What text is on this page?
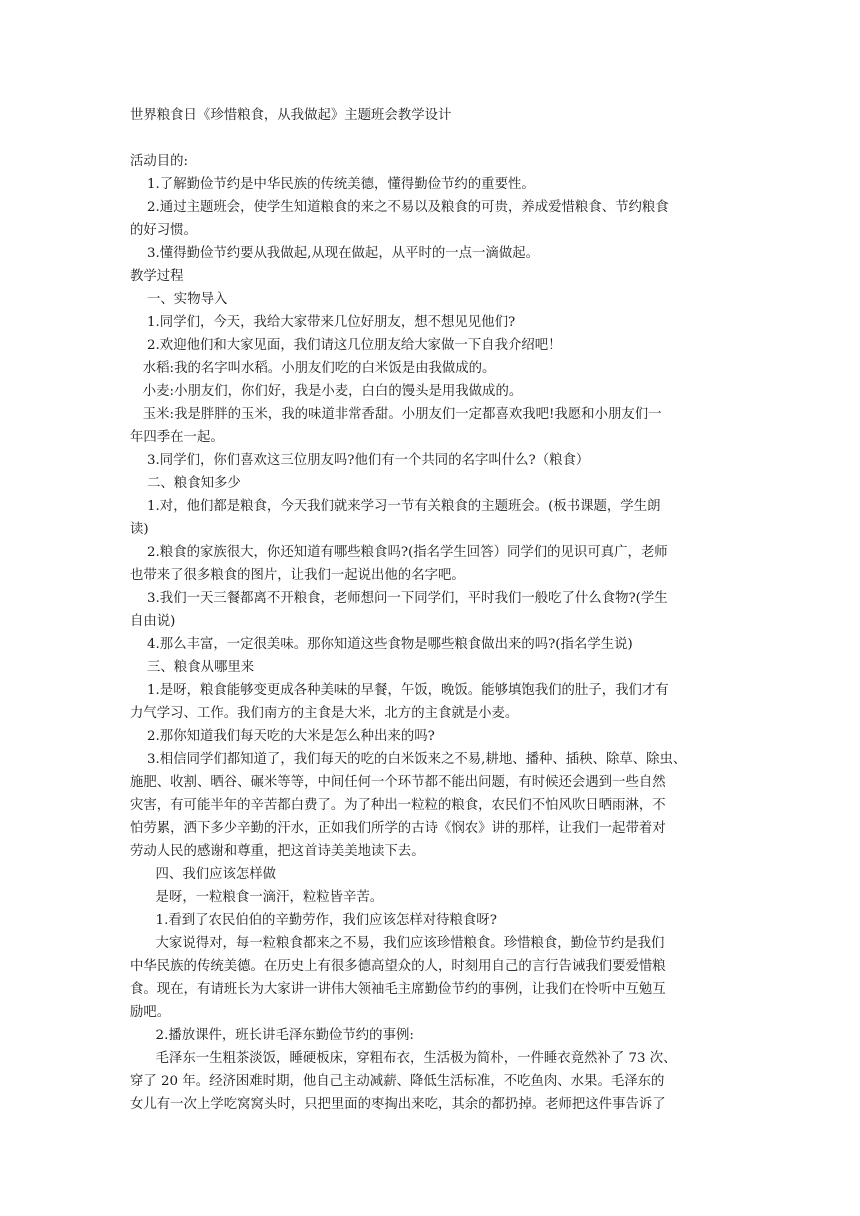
世界粮食日《珍惜粮食，从我做起》主题班会教学设计

活动目的:

1.了解勤俭节约是中华民族的传统美德，懂得勤俭节约的重要性。

2.通过主题班会，使学生知道粮食的来之不易以及粮食的可贵，养成爱惜粮食、节约粮食

的好习惯。

3.懂得勤俭节约要从我做起,从现在做起，从平时的一点一滴做起。

教学过程

一、实物导入

1.同学们，今天，我给大家带来几位好朋友，想不想见见他们?

2.欢迎他们和大家见面，我们请这几位朋友给大家做一下自我介绍吧！

水稻:我的名字叫水稻。小朋友们吃的白米饭是由我做成的。

小麦:小朋友们，你们好，我是小麦，白白的馒头是用我做成的。

玉米:我是胖胖的玉米，我的味道非常香甜。小朋友们一定都喜欢我吧!我愿和小朋友们一

年四季在一起。

3.同学们，你们喜欢这三位朋友吗?他们有一个共同的名字叫什么?（粮食）

二、粮食知多少

1.对，他们都是粮食，今天我们就来学习一节有关粮食的主题班会。(板书课题，学生朗

读)

2.粮食的家族很大，你还知道有哪些粮食吗?(指名学生回答）同学们的见识可真广，老师

也带来了很多粮食的图片，让我们一起说出他的名字吧。

3.我们一天三餐都离不开粮食，老师想问一下同学们，平时我们一般吃了什么食物?(学生

自由说)

4.那么丰富，一定很美味。那你知道这些食物是哪些粮食做出来的吗?(指名学生说)

三、粮食从哪里来

1.是呀，粮食能够变更成各种美味的早餐，午饭，晚饭。能够填饱我们的肚子，我们才有

力气学习、工作。我们南方的主食是大米，北方的主食就是小麦。

2.那你知道我们每天吃的大米是怎么种出来的吗?

3.相信同学们都知道了，我们每天的吃的白米饭来之不易,耕地、播种、插秧、除草、除虫、

施肥、收割、晒谷、碾米等等，中间任何一个环节都不能出问题，有时候还会遇到一些自然

灾害，有可能半年的辛苦都白费了。为了种出一粒粒的粮食，农民们不怕风吹日晒雨淋，不

怕劳累，洒下多少辛勤的汗水，正如我们所学的古诗《悯农》讲的那样，让我们一起带着对

劳动人民的感谢和尊重，把这首诗美美地读下去。

四、我们应该怎样做

是呀，一粒粮食一滴汗，粒粒皆辛苦。

1.看到了农民伯伯的辛勤劳作，我们应该怎样对待粮食呀?

大家说得对，每一粒粮食都来之不易，我们应该珍惜粮食。珍惜粮食，勤俭节约是我们

中华民族的传统美德。在历史上有很多德高望众的人，时刻用自己的言行告诫我们要爱惜粮

食。现在，有请班长为大家讲一讲伟大领袖毛主席勤俭节约的事例，让我们在怜听中互勉互

励吧。

2.播放课件，班长讲毛泽东勤俭节约的事例:

毛泽东一生粗茶淡饭，睡硬板床，穿粗布衣，生活极为简朴，一件睡衣竟然补了 73 次、

穿了 20 年。经济困难时期，他自己主动减薪、降低生活标准，不吃鱼肉、水果。毛泽东的

女儿有一次上学吃窝窝头时，只把里面的枣掏出来吃，其余的都扔掉。老师把这件事告诉了
